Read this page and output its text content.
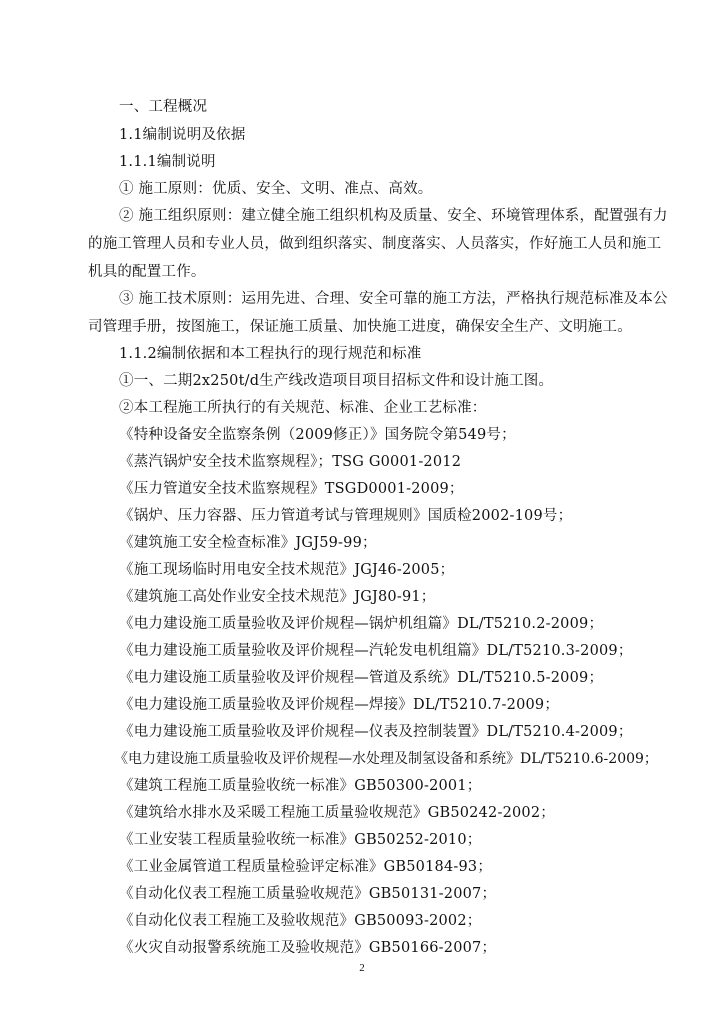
一、工程概况
1.1编制说明及依据
1.1.1编制说明
① 施工原则：优质、安全、文明、准点、高效。
② 施工组织原则：建立健全施工组织机构及质量、安全、环境管理体系，配置强有力
的施工管理人员和专业人员，做到组织落实、制度落实、人员落实，作好施工人员和施工
机具的配置工作。
③ 施工技术原则：运用先进、合理、安全可靠的施工方法，严格执行规范标准及本公
司管理手册，按图施工，保证施工质量、加快施工进度，确保安全生产、文明施工。
1.1.2编制依据和本工程执行的现行规范和标准
①一、二期2x250t/d生产线改造项目项目招标文件和设计施工图。
②本工程施工所执行的有关规范、标准、企业工艺标准：
《特种设备安全监察条例（2009修正）》国务院令第549号；
《蒸汽锅炉安全技术监察规程》；TSG G0001-2012
《压力管道安全技术监察规程》TSGD0001-2009；
《锅炉、压力容器、压力管道考试与管理规则》国质检2002-109号；
《建筑施工安全检查标准》JGJ59-99；
《施工现场临时用电安全技术规范》JGJ46-2005；
《建筑施工高处作业安全技术规范》JGJ80-91；
《电力建设施工质量验收及评价规程—锅炉机组篇》DL/T5210.2-2009；
《电力建设施工质量验收及评价规程—汽轮发电机组篇》DL/T5210.3-2009；
《电力建设施工质量验收及评价规程—管道及系统》DL/T5210.5-2009；
《电力建设施工质量验收及评价规程—焊接》DL/T5210.7-2009；
《电力建设施工质量验收及评价规程—仪表及控制装置》DL/T5210.4-2009；
《电力建设施工质量验收及评价规程—水处理及制氢设备和系统》DL/T5210.6-2009；
《建筑工程施工质量验收统一标准》GB50300-2001；
《建筑给水排水及采暖工程施工质量验收规范》GB50242-2002；
《工业安装工程质量验收统一标准》GB50252-2010；
《工业金属管道工程质量检验评定标准》GB50184-93；
《自动化仪表工程施工质量验收规范》GB50131-2007；
《自动化仪表工程施工及验收规范》GB50093-2002；
《火灾自动报警系统施工及验收规范》GB50166-2007；
2
